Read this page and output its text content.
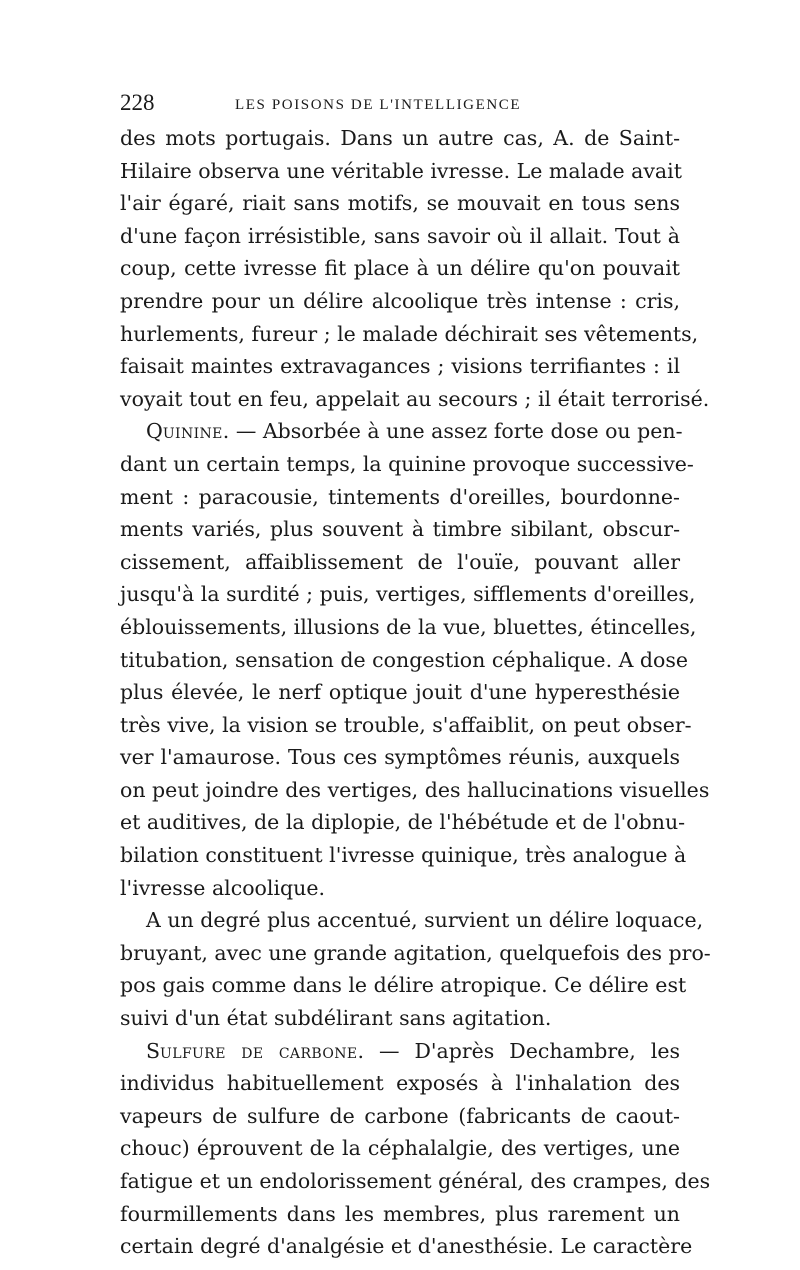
228	LES POISONS DE L'INTELLIGENCE
des mots portugais. Dans un autre cas, A. de Saint-
Hilaire observa une véritable ivresse. Le malade avait
l'air égaré, riait sans motifs, se mouvait en tous sens
d'une façon irrésistible, sans savoir où il allait. Tout à
coup, cette ivresse fit place à un délire qu'on pouvait
prendre pour un délire alcoolique très intense : cris,
hurlements, fureur ; le malade déchirait ses vêtements,
faisait maintes extravagances ; visions terrifiantes : il
voyait tout en feu, appelait au secours ; il était terrorisé.
Quinine. — Absorbée à une assez forte dose ou pen-
dant un certain temps, la quinine provoque successive-
ment : paracousie, tintements d'oreilles, bourdonne-
ments variés, plus souvent à timbre sibilant, obscur-
cissement, affaiblissement de l'ouïe, pouvant aller
jusqu'à la surdité ; puis, vertiges, sifflements d'oreilles,
éblouissements, illusions de la vue, bluettes, étincelles,
titubation, sensation de congestion céphalique. A dose
plus élevée, le nerf optique jouit d'une hyperesthésie
très vive, la vision se trouble, s'affaiblit, on peut obser-
ver l'amaurose. Tous ces symptômes réunis, auxquels
on peut joindre des vertiges, des hallucinations visuelles
et auditives, de la diplopie, de l'hébétude et de l'obnu-
bilation constituent l'ivresse quinique, très analogue à
l'ivresse alcoolique.
A un degré plus accentué, survient un délire loquace,
bruyant, avec une grande agitation, quelquefois des pro-
pos gais comme dans le délire atropique. Ce délire est
suivi d'un état subdélirant sans agitation.
Sulfure de carbone. — D'après Dechambre, les
individus habituellement exposés à l'inhalation des
vapeurs de sulfure de carbone (fabricants de caout-
chouc) éprouvent de la céphalalgie, des vertiges, une
fatigue et un endolorissement général, des crampes, des
fourmillements dans les membres, plus rarement un
certain degré d'analgésie et d'anesthésie. Le caractère
